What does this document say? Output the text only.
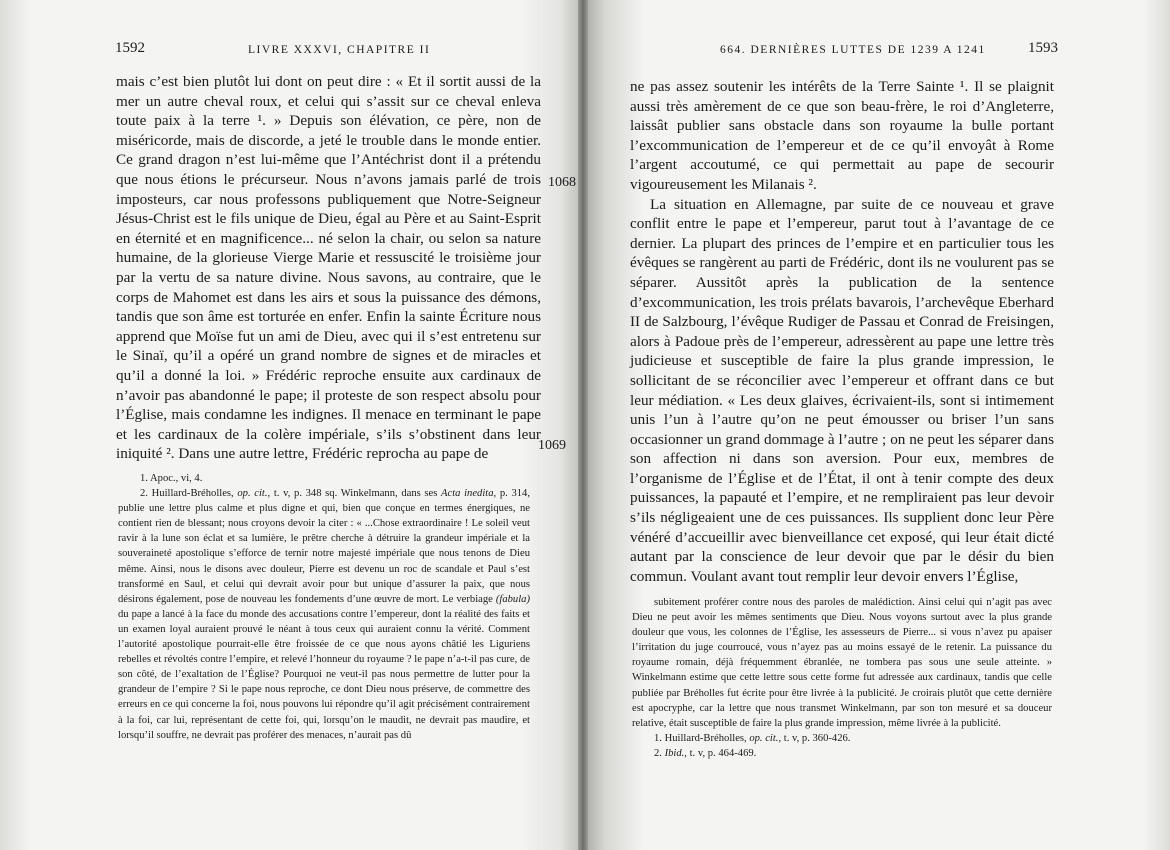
1592	LIVRE XXXVI, CHAPITRE II

mais c’est bien plutôt lui dont on peut dire : « Et il sortit aussi de la mer un autre cheval roux, et celui qui s’assit sur ce cheval enleva toute paix à la terre ¹. » Depuis son élévation, ce père, non de miséricorde, mais de discorde, a jeté le trouble dans le monde entier. Ce grand dragon n’est lui-même que l’Antéchrist dont il a prétendu que nous étions le précurseur. Nous n’avons jamais parlé de trois imposteurs, car nous professons publiquement que Notre-Seigneur Jésus-Christ est le fils unique de Dieu, égal au Père et au Saint-Esprit en éternité et en magnificence... né selon la chair, ou selon sa nature humaine, de la glorieuse Vierge Marie et ressuscité le troisième jour par la vertu de sa nature divine. Nous savons, au contraire, que le corps de Mahomet est dans les airs et sous la puissance des démons, tandis que son âme est torturée en enfer. Enfin la sainte Écriture nous apprend que Moïse fut un ami de Dieu, avec qui il s’est entretenu sur le Sinaï, qu’il a opéré un grand nombre de signes et de miracles et qu’il a donné la loi. » Frédéric reproche ensuite aux cardinaux de n’avoir pas abandonné le pape; il proteste de son respect absolu pour l’Église, mais condamne les indignes. Il menace en terminant le pape et les cardinaux de la colère impériale, s’ils s’obstinent dans leur iniquité ². Dans une autre lettre, Frédéric reprocha au pape de

1068
1069

1. Apoc., vi, 4.

2. Huillard-Bréholles, op. cit., t. v, p. 348 sq. Winkelmann, dans ses Acta inedita, p. 314, publie une lettre plus calme et plus digne et qui, bien que conçue en termes énergiques, ne contient rien de blessant; nous croyons devoir la citer : « ...Chose extraordinaire ! Le soleil veut ravir à la lune son éclat et sa lumière, le prêtre cherche à détruire la grandeur impériale et la souveraineté apostolique s’efforce de ternir notre majesté impériale que nous tenons de Dieu même. Ainsi, nous le disons avec douleur, Pierre est devenu un roc de scandale et Paul s’est transformé en Saul, et celui qui devrait avoir pour but unique d’assurer la paix, que nous désirons également, pose de nouveau les fondements d’une œuvre de mort. Le verbiage (fabula) du pape a lancé à la face du monde des accusations contre l’empereur, dont la réalité des faits et un examen loyal auraient prouvé le néant à tous ceux qui auraient connu la vérité. Comment l’autorité apostolique pourrait-elle être froissée de ce que nous ayons châtié les Liguriens rebelles et révoltés contre l’empire, et relevé l’honneur du royaume ? le pape n’a-t-il pas cure, de son côté, de l’exaltation de l’Église? Pourquoi ne veut-il pas nous permettre de lutter pour la grandeur de l’empire ? Si le pape nous reproche, ce dont Dieu nous préserve, de commettre des erreurs en ce qui concerne la foi, nous pouvons lui répondre qu’il agit précisément contrairement à la foi, car lui, représentant de cette foi, qui, lorsqu’on le maudit, ne devrait pas maudire, et lorsqu’il souffre, ne devrait pas proférer des menaces, n’aurait pas dû

664. DERNIÈRES LUTTES DE 1239 A 1241	1593

ne pas assez soutenir les intérêts de la Terre Sainte ¹. Il se plaignit aussi très amèrement de ce que son beau-frère, le roi d’Angleterre, laissât publier sans obstacle dans son royaume la bulle portant l’excommunication de l’empereur et de ce qu’il envoyât à Rome l’argent accoutumé, ce qui permettait au pape de secourir vigoureusement les Milanais ².

La situation en Allemagne, par suite de ce nouveau et grave conflit entre le pape et l’empereur, parut tout à l’avantage de ce dernier. La plupart des princes de l’empire et en particulier tous les évêques se rangèrent au parti de Frédéric, dont ils ne voulurent pas se séparer. Aussitôt après la publication de la sentence d’excommunication, les trois prélats bavarois, l’archevêque Eberhard II de Salzbourg, l’évêque Rudiger de Passau et Conrad de Freisingen, alors à Padoue près de l’empereur, adressèrent au pape une lettre très judicieuse et susceptible de faire la plus grande impression, le sollicitant de se réconcilier avec l’empereur et offrant dans ce but leur médiation. « Les deux glaives, écrivaient-ils, sont si intimement unis l’un à l’autre qu’on ne peut émousser ou briser l’un sans occasionner un grand dommage à l’autre ; on ne peut les séparer dans son affection ni dans son aversion. Pour eux, membres de l’organisme de l’Église et de l’État, il ont à tenir compte des deux puissances, la papauté et l’empire, et ne rempliraient pas leur devoir s’ils négligeaient une de ces puissances. Ils supplient donc leur Père vénéré d’accueillir avec bienveillance cet exposé, qui leur était dicté autant par la conscience de leur devoir que par le désir du bien commun. Voulant avant tout remplir leur devoir envers l’Église,

subitement proférer contre nous des paroles de malédiction. Ainsi celui qui n’agit pas avec Dieu ne peut avoir les mêmes sentiments que Dieu. Nous voyons surtout avec la plus grande douleur que vous, les colonnes de l’Église, les assesseurs de Pierre... si vous n’avez pu apaiser l’irritation du juge courroucé, vous n’ayez pas au moins essayé de le retenir. La puissance du royaume romain, déjà fréquemment ébranlée, ne tombera pas sous une seule atteinte. » Winkelmann estime que cette lettre sous cette forme fut adressée aux cardinaux, tandis que celle publiée par Bréholles fut écrite pour être livrée à la publicité. Je croirais plutôt que cette dernière est apocryphe, car la lettre que nous transmet Winkelmann, par son ton mesuré et sa douceur relative, était susceptible de faire la plus grande impression, même livrée à la publicité.

1. Huillard-Bréholles, op. cit., t. v, p. 360-426.

2. Ibid., t. v, p. 464-469.
